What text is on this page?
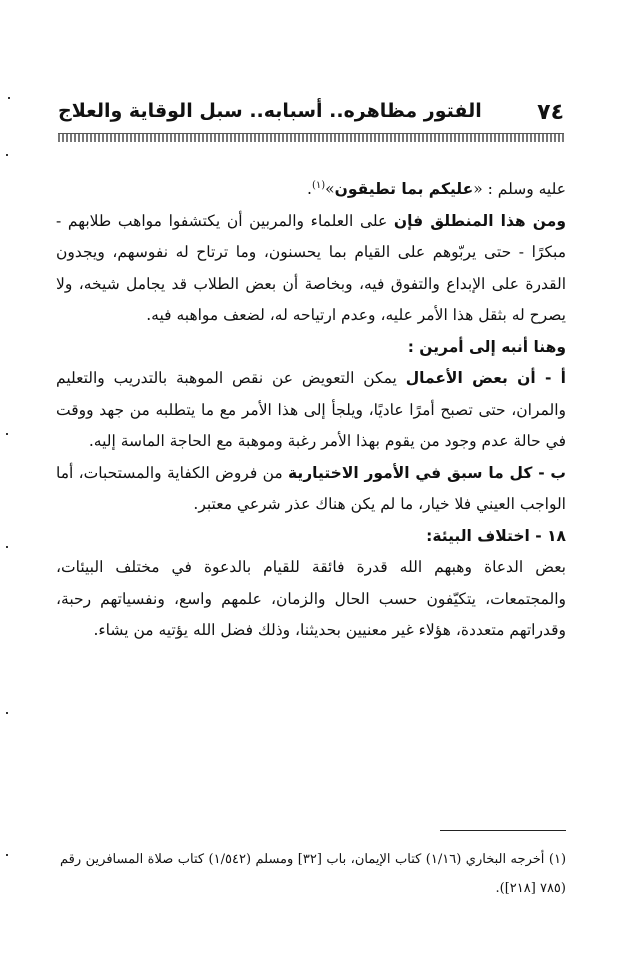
٧٤
الفتور مظاهره.. أسبابه.. سبل الوقاية والعلاج

عليه وسلم : «عليكم بما تطيقون»$^{(١)}$.

ومن هذا المنطلق فإن على العلماء والمربين أن يكتشفوا مواهب طلابهم - مبكرًا - حتى يربّوهم على القيام بما يحسنون، وما ترتاح له نفوسهم، ويجدون القدرة على الإبداع والتفوق فيه، وبخاصة أن بعض الطلاب قد يجامل شيخه، ولا يصرح له بثقل هذا الأمر عليه، وعدم ارتياحه له، لضعف مواهبه فيه.

وهنا أنبه إلى أمرين :

أ - أن بعض الأعمال يمكن التعويض عن نقص الموهبة بالتدريب والتعليم والمران، حتى تصبح أمرًا عاديًا، ويلجأ إلى هذا الأمر مع ما يتطلبه من جهد ووقت في حالة عدم وجود من يقوم بهذا الأمر رغبة وموهبة مع الحاجة الماسة إليه.

ب - كل ما سبق في الأمور الاختيارية من فروض الكفاية والمستحبات، أما الواجب العيني فلا خيار، ما لم يكن هناك عذر شرعي معتبر.

١٨ - اختلاف البيئة:

بعض الدعاة وهبهم الله قدرة فائقة للقيام بالدعوة في مختلف البيئات، والمجتمعات، يتكيّفون حسب الحال والزمان، علمهم واسع، ونفسياتهم رحبة، وقدراتهم متعددة، هؤلاء غير معنيين بحديثنا، وذلك فضل الله يؤتيه من يشاء.

(١) أخرجه البخاري (١/١٦) كتاب الإيمان، باب [٣٢] ومسلم (١/٥٤٢) كتاب صلاة المسافرين رقم (٧٨٥ [٢١٨]).
